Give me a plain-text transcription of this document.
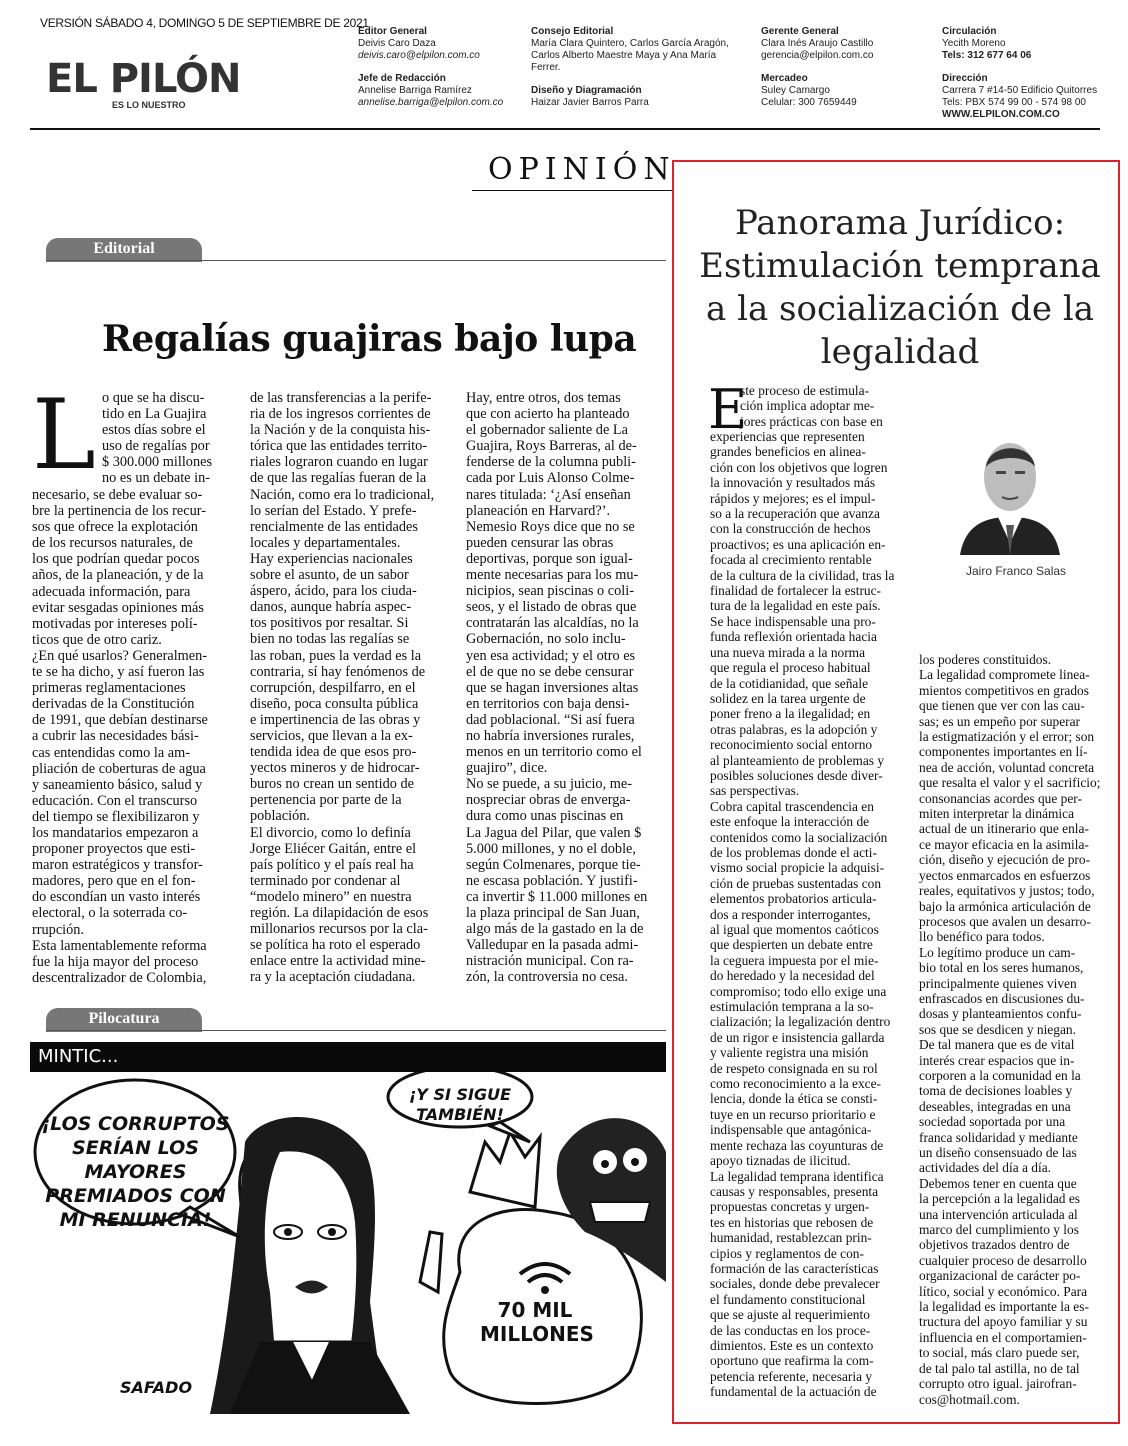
VERSIÓN SÁBADO 4, DOMINGO 5 DE SEPTIEMBRE DE 2021
EL PILÓN
ES LO NUESTRO
Editor General
Deivis Caro Daza
deivis.caro@elpilon.com.co
Jefe de Redacción
Annelise Barriga Ramírez
annelise.barriga@elpilon.com.co
Consejo Editorial
María Clara Quintero, Carlos García Aragón,
Carlos Alberto Maestre Maya y Ana María
Ferrer.
Diseño y Diagramación
Haizar Javier Barros Parra
Gerente General
Clara Inés Araujo Castillo
gerencia@elpilon.com.co
Mercadeo
Suley Camargo
Celular: 300 7659449
Circulación
Yecith Moreno
Tels: 312 677 64 06
Dirección
Carrera 7 #14-50 Edificio Quitorres
Tels: PBX 574 99 00 - 574 98 00
WWW.ELPILON.COM.CO
OPINIÓN
Editorial
Regalías guajiras bajo lupa
L o que se ha discu-
tido en La Guajira
estos días sobre el
uso de regalías por
$ 300.000 millones
no es un debate in-
necesario, se debe evaluar so-
bre la pertinencia de los recur-
sos que ofrece la explotación
de los recursos naturales, de
los que podrían quedar pocos
años, de la planeación, y de la
adecuada información, para
evitar sesgadas opiniones más
motivadas por intereses polí-
ticos que de otro cariz.
¿En qué usarlos? Generalmen-
te se ha dicho, y así fueron las
primeras reglamentaciones
derivadas de la Constitución
de 1991, que debían destinarse
a cubrir las necesidades bási-
cas entendidas como la am-
pliación de coberturas de agua
y saneamiento básico, salud y
educación. Con el transcurso
del tiempo se flexibilizaron y
los mandatarios empezaron a
proponer proyectos que esti-
maron estratégicos y transfor-
madores, pero que en el fon-
do escondían un vasto interés
electoral, o la soterrada co-
rrupción.
Esta lamentablemente reforma
fue la hija mayor del proceso
descentralizador de Colombia,
de las transferencias a la perife-
ria de los ingresos corrientes de
la Nación y de la conquista his-
tórica que las entidades territo-
riales lograron cuando en lugar
de que las regalías fueran de la
Nación, como era lo tradicional,
lo serían del Estado. Y prefe-
rencialmente de las entidades
locales y departamentales.
Hay experiencias nacionales
sobre el asunto, de un sabor
áspero, ácido, para los ciuda-
danos, aunque habría aspec-
tos positivos por resaltar. Si
bien no todas las regalías se
las roban, pues la verdad es la
contraria, sí hay fenómenos de
corrupción, despilfarro, en el
diseño, poca consulta pública
e impertinencia de las obras y
servicios, que llevan a la ex-
tendida idea de que esos pro-
yectos mineros y de hidrocar-
buros no crean un sentido de
pertenencia por parte de la
población.
El divorcio, como lo definía
Jorge Eliécer Gaitán, entre el
país político y el país real ha
terminado por condenar al
“modelo minero” en nuestra
región. La dilapidación de esos
millonarios recursos por la cla-
se política ha roto el esperado
enlace entre la actividad mine-
ra y la aceptación ciudadana.
Hay, entre otros, dos temas
que con acierto ha planteado
el gobernador saliente de La
Guajira, Roys Barreras, al de-
fenderse de la columna publi-
cada por Luis Alonso Colme-
nares titulada: ‘¿Así enseñan
planeación en Harvard?’.
Nemesio Roys dice que no se
pueden censurar las obras
deportivas, porque son igual-
mente necesarias para los mu-
nicipios, sean piscinas o coli-
seos, y el listado de obras que
contratarán las alcaldías, no la
Gobernación, no solo inclu-
yen esa actividad; y el otro es
el de que no se debe censurar
que se hagan inversiones altas
en territorios con baja densi-
dad poblacional. “Si así fuera
no habría inversiones rurales,
menos en un territorio como el
guajiro”, dice.
No se puede, a su juicio, me-
nospreciar obras de enverga-
dura como unas piscinas en
La Jagua del Pilar, que valen $
5.000 millones, y no el doble,
según Colmenares, porque tie-
ne escasa población. Y justifi-
ca invertir $ 11.000 millones en
la plaza principal de San Juan,
algo más de la gastado en la de
Valledupar en la pasada admi-
nistración municipal. Con ra-
zón, la controversia no cesa.
Pilocatura
MINTIC...
¡LOS CORRUPTOS SERÍAN LOS MAYORES PREMIADOS CON MI RENUNCIA!
¡Y SI SIGUE TAMBIÉN!
70 MIL MILLONES
SAFADO
Panorama Jurídico: Estimulación temprana a la socialización de la legalidad
E
ste proceso de estimula-
ción implica adoptar me-
jores prácticas con base en
experiencias que representen
grandes beneficios en alinea-
ción con los objetivos que logren
la innovación y resultados más
rápidos y mejores; es el impul-
so a la recuperación que avanza
con la construcción de hechos
proactivos; es una aplicación en-
focada al crecimiento rentable
de la cultura de la civilidad, tras la
finalidad de fortalecer la estruc-
tura de la legalidad en este país.
Se hace indispensable una pro-
funda reflexión orientada hacia
una nueva mirada a la norma
que regula el proceso habitual
de la cotidianidad, que señale
solidez en la tarea urgente de
poner freno a la ilegalidad; en
otras palabras, es la adopción y
reconocimiento social entorno
al planteamiento de problemas y
posibles soluciones desde diver-
sas perspectivas.
Cobra capital trascendencia en
este enfoque la interacción de
contenidos como la socialización
de los problemas donde el acti-
vismo social propicie la adquisi-
ción de pruebas sustentadas con
elementos probatorios articula-
dos a responder interrogantes,
al igual que momentos caóticos
que despierten un debate entre
la ceguera impuesta por el mie-
do heredado y la necesidad del
compromiso; todo ello exige una
estimulación temprana a la so-
cialización; la legalización dentro
de un rigor e insistencia gallarda
y valiente registra una misión
de respeto consignada en su rol
como reconocimiento a la exce-
lencia, donde la ética se consti-
tuye en un recurso prioritario e
indispensable que antagónica-
mente rechaza las coyunturas de
apoyo tiznadas de ilicitud.
La legalidad temprana identifica
causas y responsables, presenta
propuestas concretas y urgen-
tes en historias que rebosen de
humanidad, restablezcan prin-
cipios y reglamentos de con-
formación de las características
sociales, donde debe prevalecer
el fundamento constitucional
que se ajuste al requerimiento
de las conductas en los proce-
dimientos. Este es un contexto
oportuno que reafirma la com-
petencia referente, necesaria y
fundamental de la actuación de
los poderes constituidos.
La legalidad compromete linea-
mientos competitivos en grados
que tienen que ver con las cau-
sas; es un empeño por superar
la estigmatización y el error; son
componentes importantes en lí-
nea de acción, voluntad concreta
que resalta el valor y el sacrificio;
consonancias acordes que per-
miten interpretar la dinámica
actual de un itinerario que enla-
ce mayor eficacia en la asimila-
ción, diseño y ejecución de pro-
yectos enmarcados en esfuerzos
reales, equitativos y justos; todo,
bajo la armónica articulación de
procesos que avalen un desarro-
llo benéfico para todos.
Lo legítimo produce un cam-
bio total en los seres humanos,
principalmente quienes viven
enfrascados en discusiones du-
dosas y planteamientos confu-
sos que se desdicen y niegan.
De tal manera que es de vital
interés crear espacios que in-
corporen a la comunidad en la
toma de decisiones loables y
deseables, integradas en una
sociedad soportada por una
franca solidaridad y mediante
un diseño consensuado de las
actividades del día a día.
Debemos tener en cuenta que
la percepción a la legalidad es
una intervención articulada al
marco del cumplimiento y los
objetivos trazados dentro de
cualquier proceso de desarrollo
organizacional de carácter po-
lítico, social y económico. Para
la legalidad es importante la es-
tructura del apoyo familiar y su
influencia en el comportamien-
to social, más claro puede ser,
de tal palo tal astilla, no de tal
corrupto otro igual. jairofran-
cos@hotmail.com.
Jairo Franco Salas
